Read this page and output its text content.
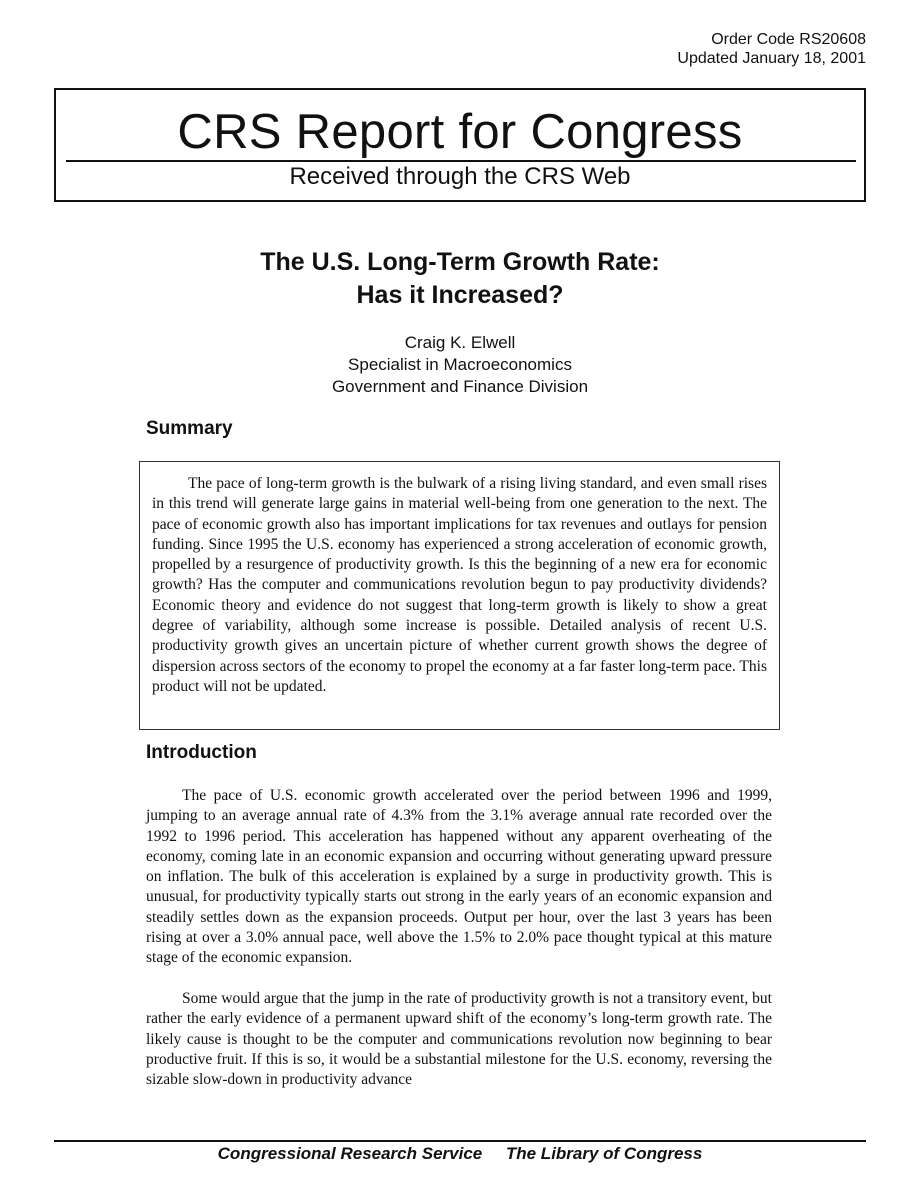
Order Code RS20608
Updated January 18, 2001
CRS Report for Congress
Received through the CRS Web
The U.S. Long-Term Growth Rate:
Has it Increased?
Craig K. Elwell
Specialist in Macroeconomics
Government and Finance Division
Summary

The pace of long-term growth is the bulwark of a rising living standard, and even small rises in this trend will generate large gains in material well-being from one generation to the next. The pace of economic growth also has important implications for tax revenues and outlays for pension funding. Since 1995 the U.S. economy has experienced a strong acceleration of economic growth, propelled by a resurgence of productivity growth. Is this the beginning of a new era for economic growth? Has the computer and communications revolution begun to pay productivity dividends? Economic theory and evidence do not suggest that long-term growth is likely to show a great degree of variability, although some increase is possible. Detailed analysis of recent U.S. productivity growth gives an uncertain picture of whether current growth shows the degree of dispersion across sectors of the economy to propel the economy at a far faster long-term pace. This product will not be updated.

Introduction

The pace of U.S. economic growth accelerated over the period between 1996 and 1999, jumping to an average annual rate of 4.3% from the 3.1% average annual rate recorded over the 1992 to 1996 period. This acceleration has happened without any apparent overheating of the economy, coming late in an economic expansion and occurring without generating upward pressure on inflation. The bulk of this acceleration is explained by a surge in productivity growth. This is unusual, for productivity typically starts out strong in the early years of an economic expansion and steadily settles down as the expansion proceeds. Output per hour, over the last 3 years has been rising at over a 3.0% annual pace, well above the 1.5% to 2.0% pace thought typical at this mature stage of the economic expansion.

Some would argue that the jump in the rate of productivity growth is not a transitory event, but rather the early evidence of a permanent upward shift of the economy’s long-term growth rate. The likely cause is thought to be the computer and communications revolution now beginning to bear productive fruit. If this is so, it would be a substantial milestone for the U.S. economy, reversing the sizable slow-down in productivity advance

Congressional Research Service The Library of Congress
